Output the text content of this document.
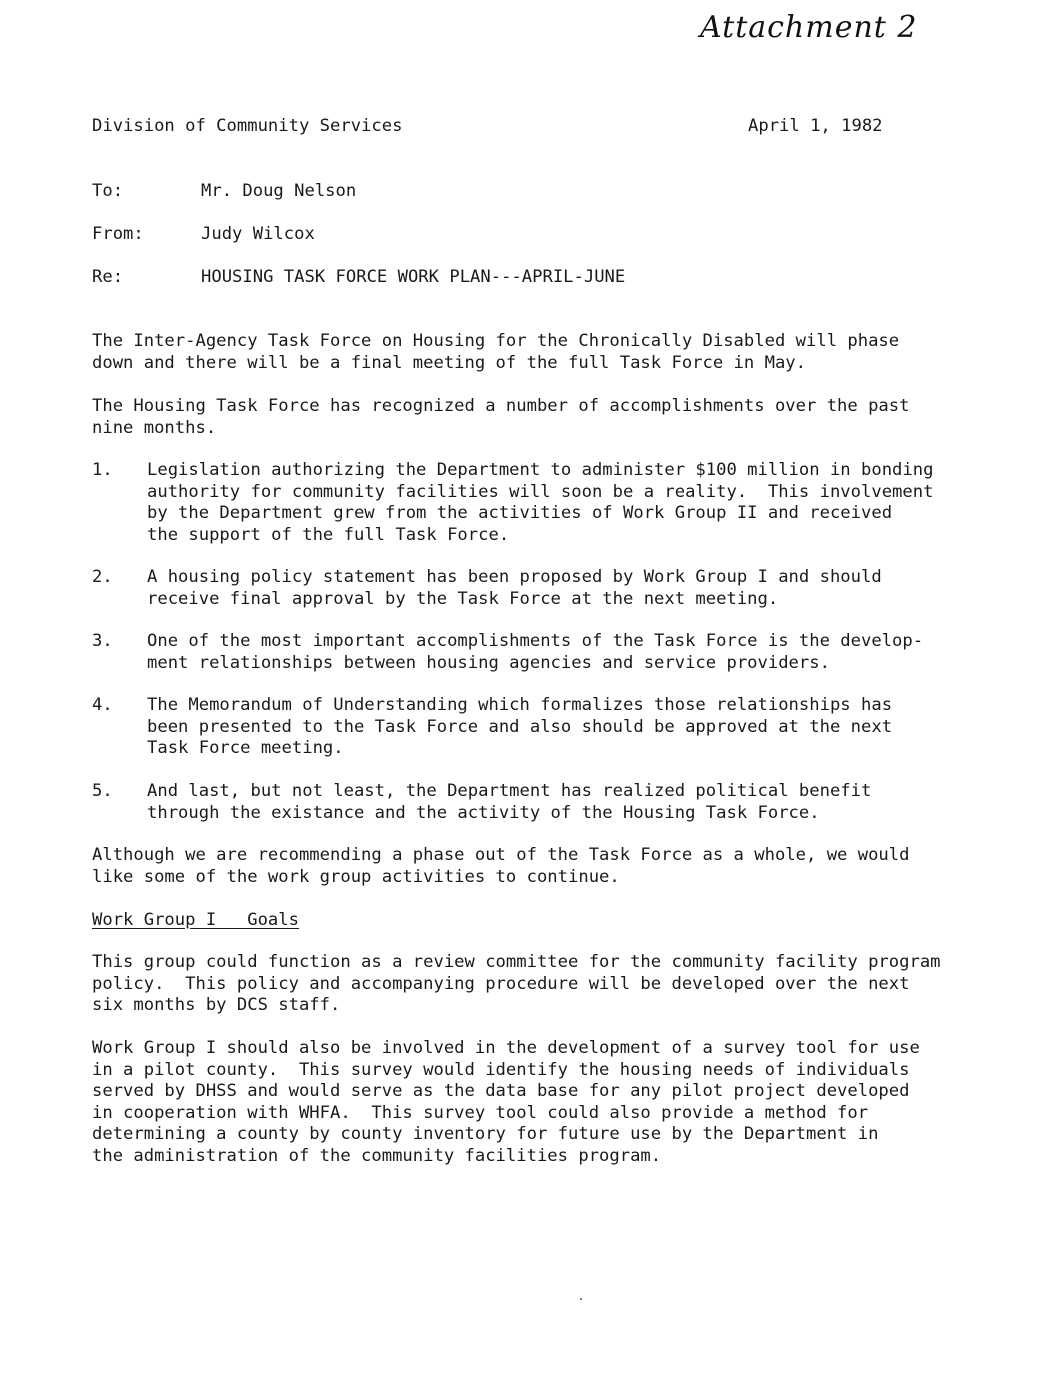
Attachment 2
Division of Community Services	April 1, 1982
To:	Mr. Doug Nelson
From:	Judy Wilcox
Re:	HOUSING TASK FORCE WORK PLAN---APRIL-JUNE
The Inter-Agency Task Force on Housing for the Chronically Disabled will phase
down and there will be a final meeting of the full Task Force in May.
The Housing Task Force has recognized a number of accomplishments over the past
nine months.
1. Legislation authorizing the Department to administer $100 million in bonding
authority for community facilities will soon be a reality.  This involvement
by the Department grew from the activities of Work Group II and received
the support of the full Task Force.
2. A housing policy statement has been proposed by Work Group I and should
receive final approval by the Task Force at the next meeting.
3. One of the most important accomplishments of the Task Force is the develop-
ment relationships between housing agencies and service providers.
4. The Memorandum of Understanding which formalizes those relationships has
been presented to the Task Force and also should be approved at the next
Task Force meeting.
5. And last, but not least, the Department has realized political benefit
through the existance and the activity of the Housing Task Force.
Although we are recommending a phase out of the Task Force as a whole, we would
like some of the work group activities to continue.
Work Group I   Goals
This group could function as a review committee for the community facility program
policy.  This policy and accompanying procedure will be developed over the next
six months by DCS staff.
Work Group I should also be involved in the development of a survey tool for use
in a pilot county.  This survey would identify the housing needs of individuals
served by DHSS and would serve as the data base for any pilot project developed
in cooperation with WHFA.  This survey tool could also provide a method for
determining a county by county inventory for future use by the Department in
the administration of the community facilities program.
